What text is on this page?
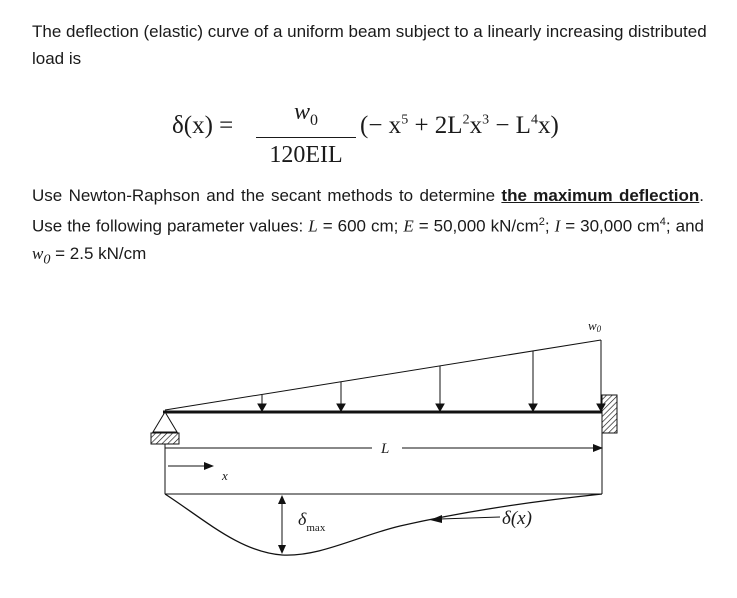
The deflection (elastic) curve of a uniform beam subject to a linearly increasing distributed load is

δ(x) =	$w_0$
120EIL
(− $x^5 + 2L^2x^3 - L^4x$)

Use Newton-Raphson and the secant methods to determine the maximum deflection. Use the following parameter values: L = 600 cm; E = 50,000 $kN/cm^2$; I = 30,000 $cm^4$; and $w_0 = 2.5$ kN/cm

w0
L
x
$\delta_{max}$	δ(x)
